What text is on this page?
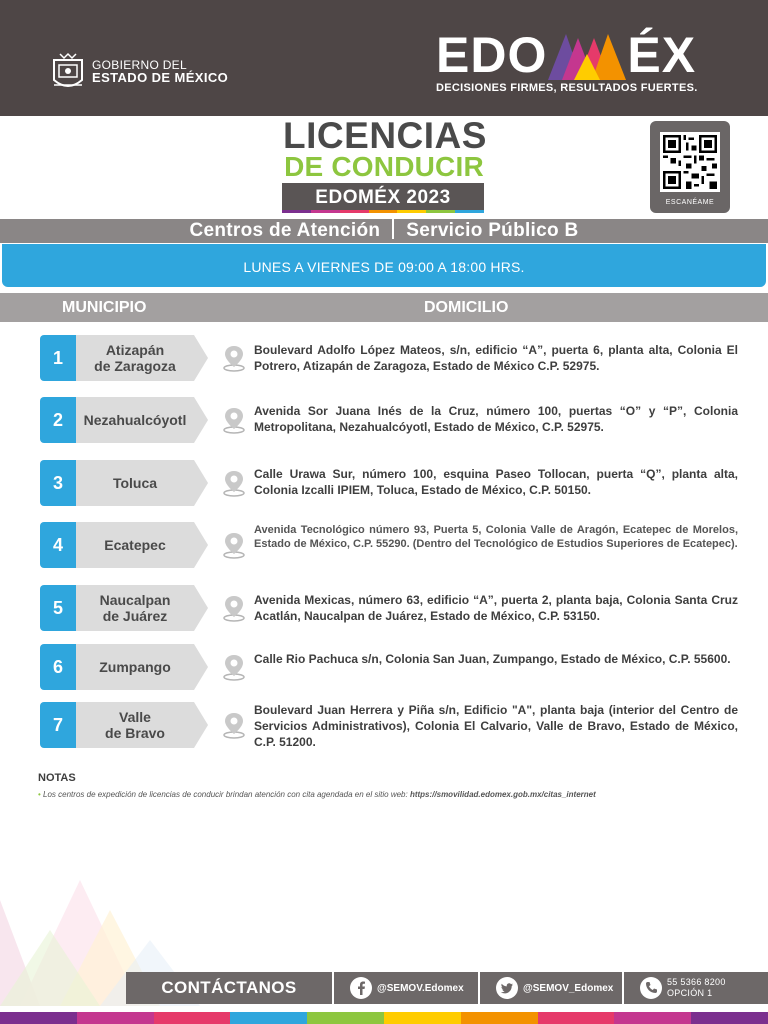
GOBIERNO DEL
ESTADO DE MÉXICO	EDO ÉX
DECISIONES FIRMES, RESULTADOS FUERTES.
LICENCIAS
DE CONDUCIR
EDOMÉX 2023	ESCANÉAME
Centros de Atención Servicio Público B
LUNES A VIERNES DE 09:00 A 18:00 HRS.
MUNICIPIO	DOMICILIO
1	Atizapán
de Zaragoza
Boulevard Adolfo López Mateos, s/n, edificio “A”, puerta 6, planta alta, Colonia El Potrero, Atizapán de Zaragoza, Estado de México C.P. 52975.
2	Nezahualcóyotl
Avenida Sor Juana Inés de la Cruz, número 100, puertas “O” y “P”, Colonia Metropolitana, Nezahualcóyotl, Estado de México, C.P. 52975.
3	Toluca
Calle Urawa Sur, número 100, esquina Paseo Tollocan, puerta “Q”, planta alta, Colonia Izcalli IPIEM, Toluca, Estado de México, C.P. 50150.
4	Ecatepec
Avenida Tecnológico número 93, Puerta 5, Colonia Valle de Aragón, Ecatepec de Morelos, Estado de México, C.P. 55290. (Dentro del Tecnológico de Estudios Superiores de Ecatepec).
5	Naucalpan
de Juárez
Avenida Mexicas, número 63, edificio “A”, puerta 2, planta baja, Colonia Santa Cruz Acatlán, Naucalpan de Juárez, Estado de México, C.P. 53150.
6	Zumpango	Calle Rio Pachuca s/n, Colonia San Juan, Zumpango, Estado de México, C.P. 55600.
7	Valle
de Bravo
Boulevard Juan Herrera y Piña s/n, Edificio "A", planta baja (interior del Centro de Servicios Administrativos), Colonia El Calvario, Valle de Bravo, Estado de México, C.P. 51200.
NOTAS
• Los centros de expedición de licencias de conducir brindan atención con cita agendada en el sitio web: https://smovilidad.edomex.gob.mx/citas_internet
CONTÁCTANOS	@SEMOV.Edomex	@SEMOV_Edomex
55 5366 8200
OPCIÓN 1
